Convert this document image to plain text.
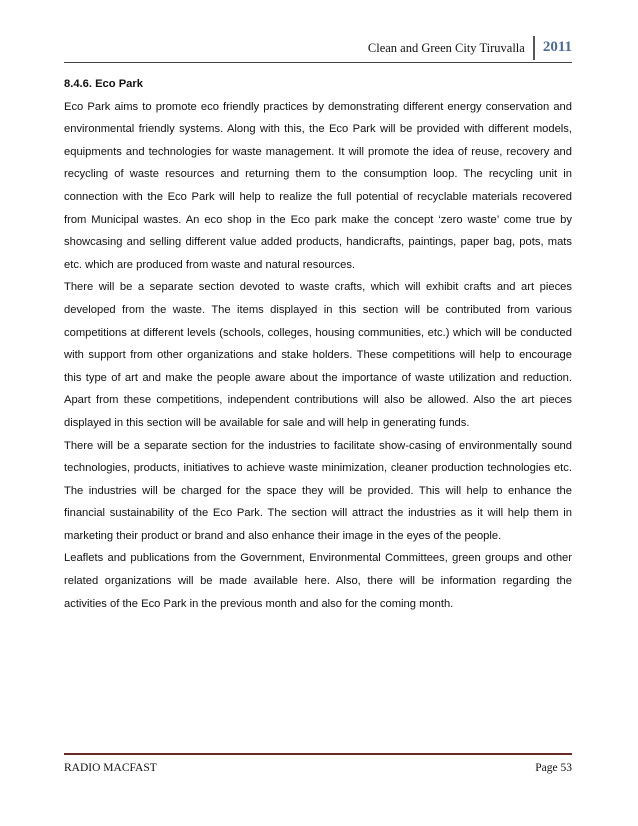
Clean and Green City Tiruvalla	2011

8.4.6. Eco Park

Eco Park aims to promote eco friendly practices by demonstrating different energy conservation and environmental friendly systems. Along with this, the Eco Park will be provided with different models, equipments and technologies for waste management. It will promote the idea of reuse, recovery and recycling of waste resources and returning them to the consumption loop. The recycling unit in connection with the Eco Park will help to realize the full potential of recyclable materials recovered from Municipal wastes. An eco shop in the Eco park make the concept ‘zero waste’ come true by showcasing and selling different value added products, handicrafts, paintings, paper bag, pots, mats etc. which are produced from waste and natural resources.

There will be a separate section devoted to waste crafts, which will exhibit crafts and art pieces developed from the waste. The items displayed in this section will be contributed from various competitions at different levels (schools, colleges, housing communities, etc.) which will be conducted with support from other organizations and stake holders. These competitions will help to encourage this type of art and make the people aware about the importance of waste utilization and reduction. Apart from these competitions, independent contributions will also be allowed. Also the art pieces displayed in this section will be available for sale and will help in generating funds.

There will be a separate section for the industries to facilitate show-casing of environmentally sound technologies, products, initiatives to achieve waste minimization, cleaner production technologies etc. The industries will be charged for the space they will be provided. This will help to enhance the financial sustainability of the Eco Park. The section will attract the industries as it will help them in marketing their product or brand and also enhance their image in the eyes of the people.

Leaflets and publications from the Government, Environmental Committees, green groups and other related organizations will be made available here. Also, there will be information regarding the activities of the Eco Park in the previous month and also for the coming month.

RADIO MACFAST	Page 53
